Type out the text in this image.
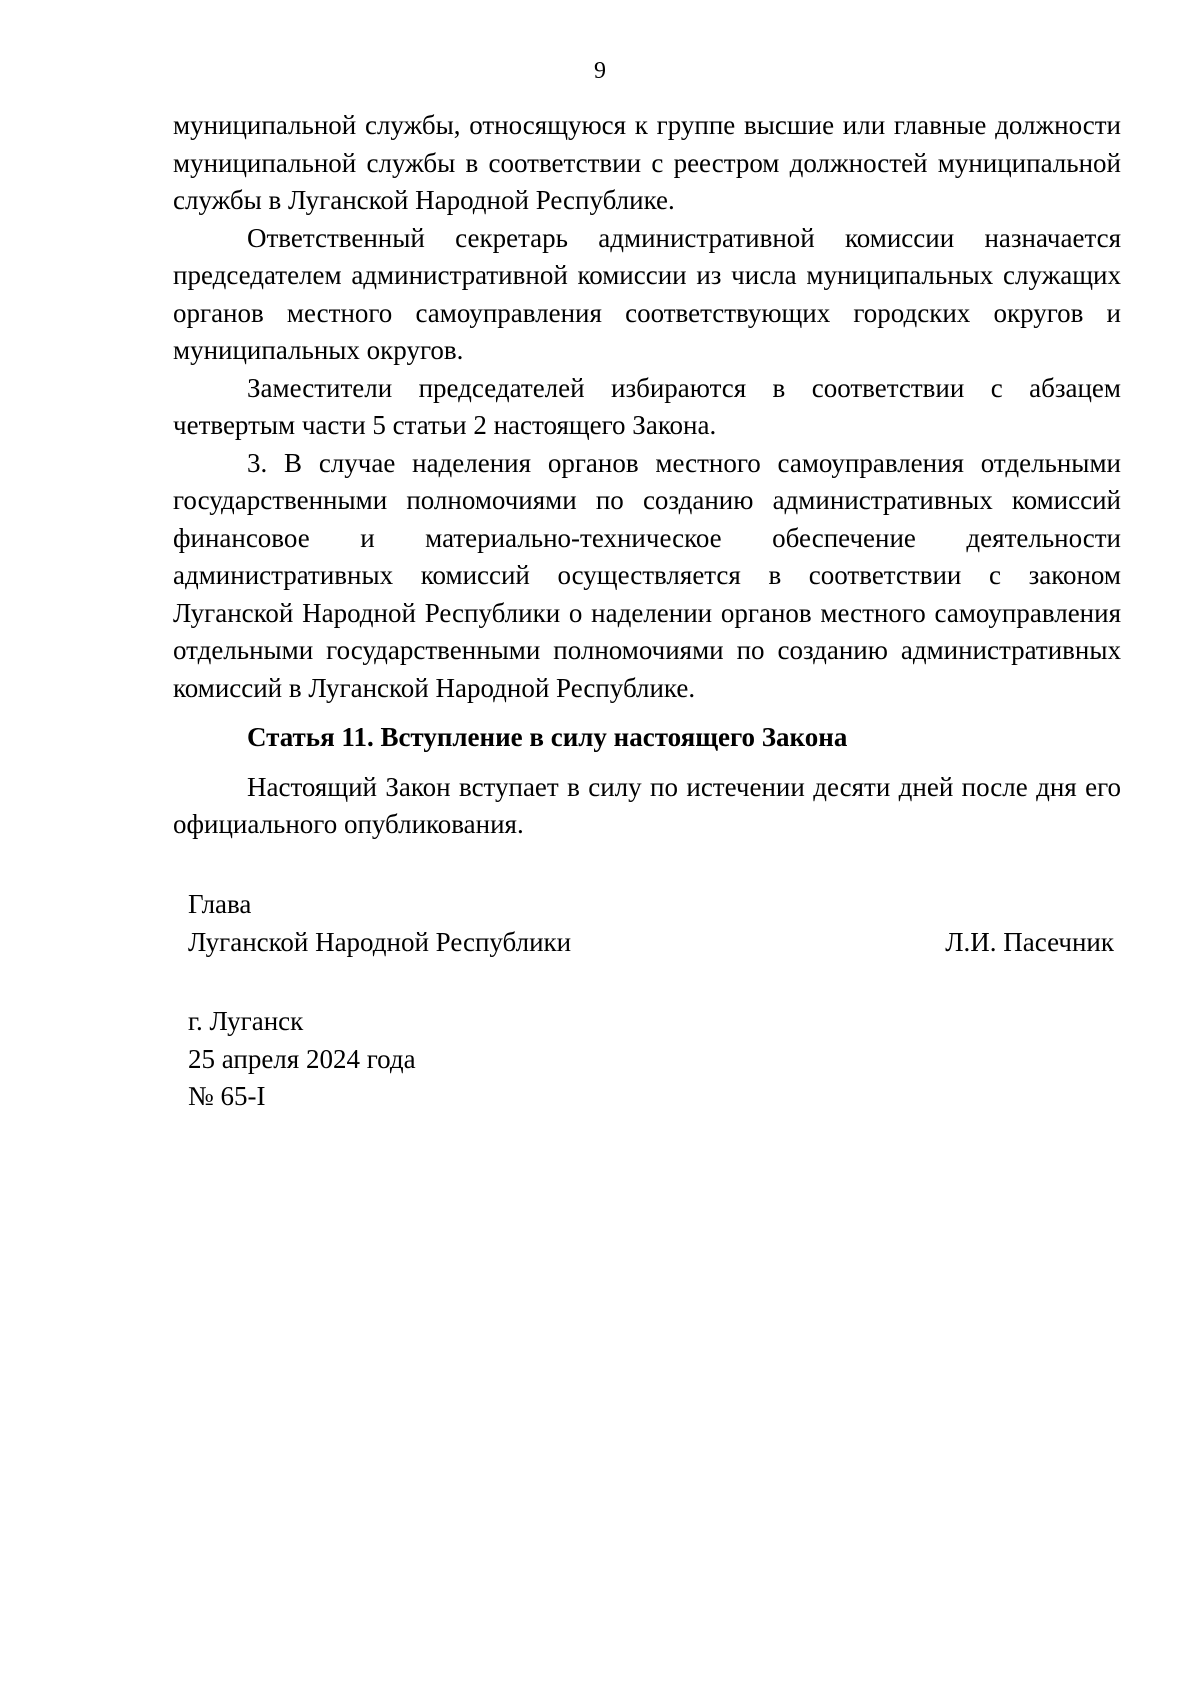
9

муниципальной службы, относящуюся к группе высшие или главные должности муниципальной службы в соответствии с реестром должностей муниципальной службы в Луганской Народной Республике.

Ответственный секретарь административной комиссии назначается председателем административной комиссии из числа муниципальных служащих органов местного самоуправления соответствующих городских округов и муниципальных округов.

Заместители председателей избираются в соответствии с абзацем четвертым части 5 статьи 2 настоящего Закона.

3. В случае наделения органов местного самоуправления отдельными государственными полномочиями по созданию административных комиссий финансовое и материально-техническое обеспечение деятельности административных комиссий осуществляется в соответствии с законом Луганской Народной Республики о наделении органов местного самоуправления отдельными государственными полномочиями по созданию административных комиссий в Луганской Народной Республике.

Статья 11. Вступление в силу настоящего Закона

Настоящий Закон вступает в силу по истечении десяти дней после дня его официального опубликования.

Глава
Луганской Народной Республики	Л.И. Пасечник
г. Луганск
25 апреля 2024 года
№ 65-I
